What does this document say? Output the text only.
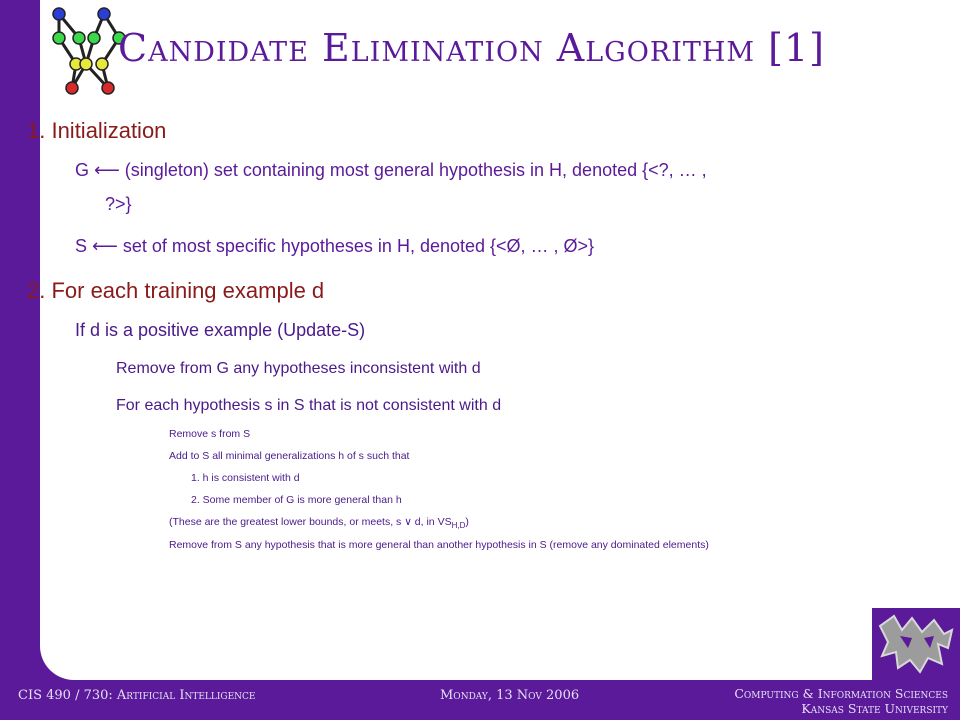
Candidate Elimination Algorithm [1]
1. Initialization
G ⟵ (singleton) set containing most general hypothesis in H, denoted {<?, … ,
?>}
S ⟵ set of most specific hypotheses in H, denoted {<Ø, … , Ø>}
2. For each training example d
If d is a positive example (Update-S)
Remove from G any hypotheses inconsistent with d
For each hypothesis s in S that is not consistent with d
Remove s from S
Add to S all minimal generalizations h of s such that
1. h is consistent with d
2. Some member of G is more general than h
(These are the greatest lower bounds, or meets, s ∨ d, in $VS_{H,D}$)
Remove from S any hypothesis that is more general than another hypothesis in S (remove any dominated elements)
CIS 490 / 730: Artificial Intelligence	Monday, 13 Nov 2006	Computing & Information Sciences
Kansas State University
